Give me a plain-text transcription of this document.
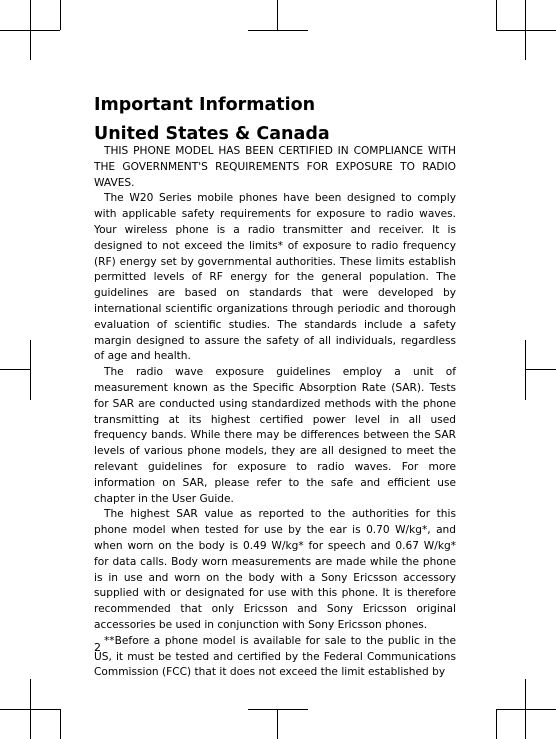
Important Information
United States & Canada

THIS PHONE MODEL HAS BEEN CERTIFIED IN COMPLIANCE WITH THE GOVERNMENT'S REQUIREMENTS FOR EXPOSURE TO RADIO WAVES.

The W20 Series mobile phones have been designed to comply with applicable safety requirements for exposure to radio waves. Your wireless phone is a radio transmitter and receiver. It is designed to not exceed the limits* of exposure to radio frequency (RF) energy set by governmental authorities. These limits establish permitted levels of RF energy for the general population. The guidelines are based on standards that were developed by international scientific organizations through periodic and thorough evaluation of scientific studies. The standards include a safety margin designed to assure the safety of all individuals, regardless of age and health.

The radio wave exposure guidelines employ a unit of measurement known as the Specific Absorption Rate (SAR). Tests for SAR are conducted using standardized methods with the phone transmitting at its highest certified power level in all used frequency bands. While there may be differences between the SAR levels of various phone models, they are all designed to meet the relevant guidelines for exposure to radio waves. For more information on SAR, please refer to the safe and efficient use chapter in the User Guide.

The highest SAR value as reported to the authorities for this phone model when tested for use by the ear is 0.70 W/kg*, and when worn on the body is 0.49 W/kg* for speech and 0.67 W/kg* for data calls. Body worn measurements are made while the phone is in use and worn on the body with a Sony Ericsson accessory supplied with or designated for use with this phone. It is therefore recommended that only Ericsson and Sony Ericsson original accessories be used in conjunction with Sony Ericsson phones.

**Before a phone model is available for sale to the public in the US, it must be tested and certified by the Federal Communications Commission (FCC) that it does not exceed the limit established by

2
